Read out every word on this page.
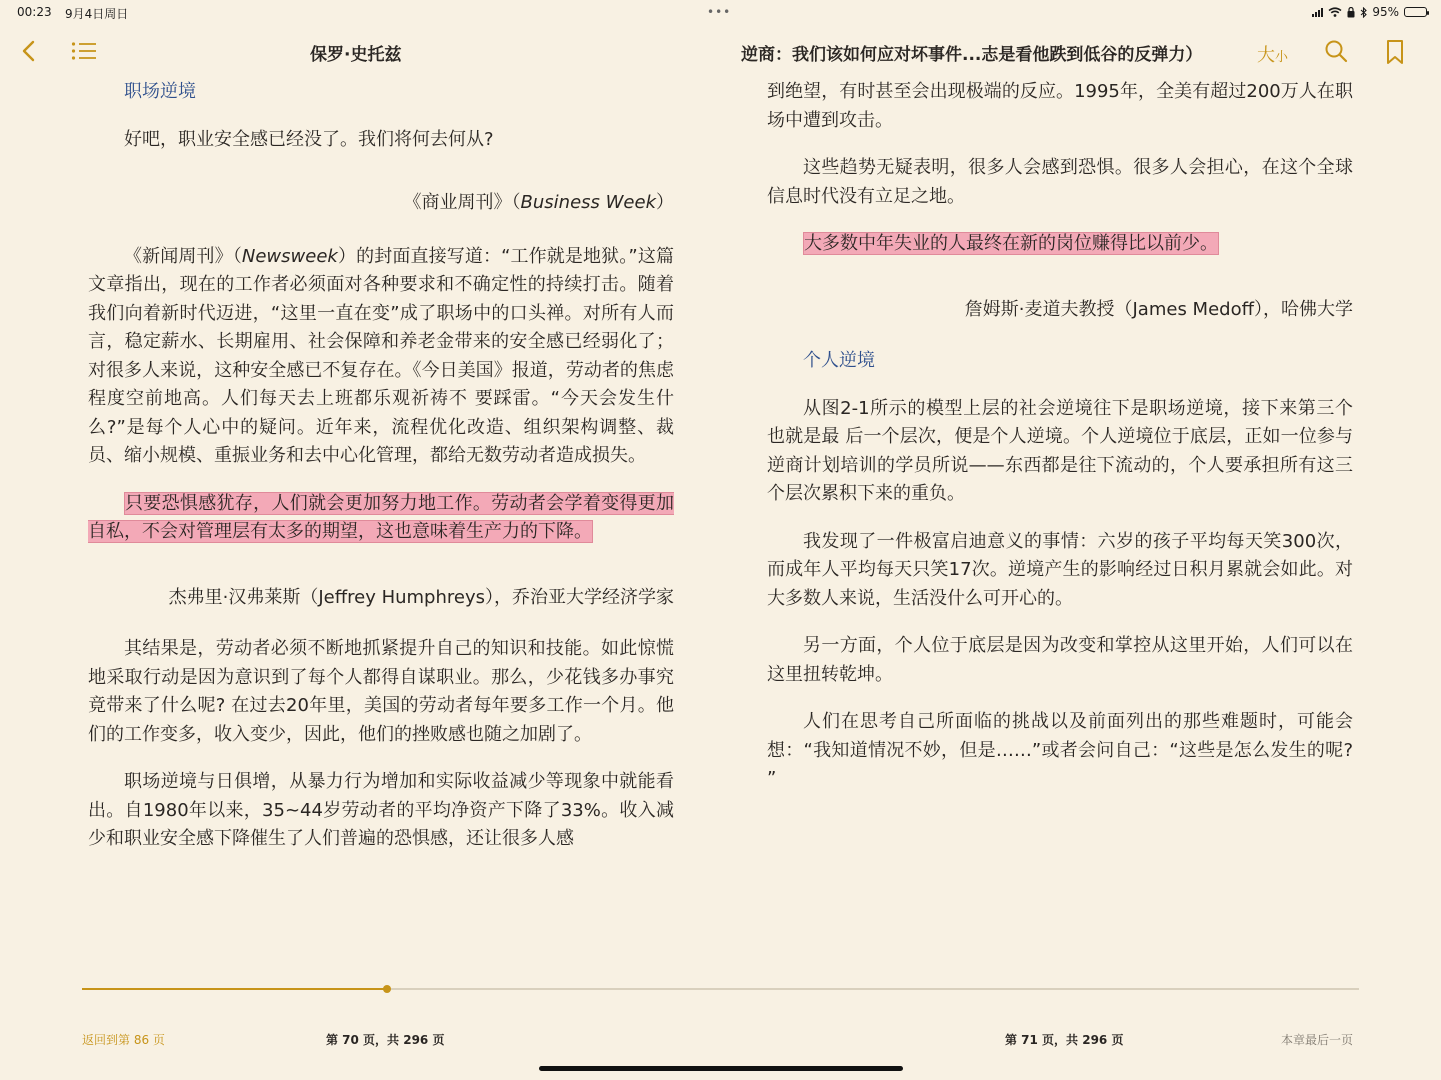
00:23 9月4日周日	•••	95%
保罗·史托兹	逆商：我们该如何应对坏事件...志是看他跌到低谷的反弹力）	大小

职场逆境

好吧，职业安全感已经没了。我们将何去何从?

《商业周刊》（Business Week）

《新闻周刊》（Newsweek）的封面直接写道：“工作就是地狱。”这篇文章指出，现在的工作者必须面对各种要求和不确定性的持续打击。随着我们向着新时代迈进，“这里一直在变”成了职场中的口头禅。对所有人而言，稳定薪水、长期雇用、社会保障和养老金带来的安全感已经弱化了；对很多人来说，这种安全感已不复存在。《今日美国》报道，劳动者的焦虑程度空前地高。人们每天去上班都乐观祈祷不 要踩雷。“今天会发生什么?”是每个人心中的疑问。近年来，流程优化改造、组织架构调整、裁员、缩小规模、重振业务和去中心化管理，都给无数劳动者造成损失。

只要恐惧感犹存，人们就会更加努力地工作。劳动者会学着变得更加自私，不会对管理层有太多的期望，这也意味着生产力的下降。

杰弗里·汉弗莱斯（Jeffrey Humphreys），乔治亚大学经济学家

其结果是，劳动者必须不断地抓紧提升自己的知识和技能。如此惊慌地采取行动是因为意识到了每个人都得自谋职业。那么，少花钱多办事究竟带来了什么呢? 在过去20年里，美国的劳动者每年要多工作一个月。他们的工作变多，收入变少，因此，他们的挫败感也随之加剧了。

职场逆境与日俱增，从暴力行为增加和实际收益减少等现象中就能看出。自1980年以来，35~44岁劳动者的平均净资产下降了33%。收入减少和职业安全感下降催生了人们普遍的恐惧感，还让很多人感

到绝望，有时甚至会出现极端的反应。1995年，全美有超过200万人在职场中遭到攻击。

这些趋势无疑表明，很多人会感到恐惧。很多人会担心，在这个全球信息时代没有立足之地。

大多数中年失业的人最终在新的岗位赚得比以前少。

詹姆斯·麦道夫教授（James Medoff），哈佛大学

个人逆境

从图2-1所示的模型上层的社会逆境往下是职场逆境，接下来第三个也就是最 后一个层次，便是个人逆境。个人逆境位于底层，正如一位参与逆商计划培训的学员所说——东西都是往下流动的，个人要承担所有这三个层次累积下来的重负。

我发现了一件极富启迪意义的事情：六岁的孩子平均每天笑300次，而成年人平均每天只笑17次。逆境产生的影响经过日积月累就会如此。对大多数人来说，生活没什么可开心的。

另一方面，个人位于底层是因为改变和掌控从这里开始，人们可以在这里扭转乾坤。

人们在思考自己所面临的挑战以及前面列出的那些难题时，可能会想：“我知道情况不妙，但是……”或者会问自己：“这些是怎么发生的呢? ”

返回到第 86 页	第 70 页，共 296 页	第 71 页，共 296 页	本章最后一页
